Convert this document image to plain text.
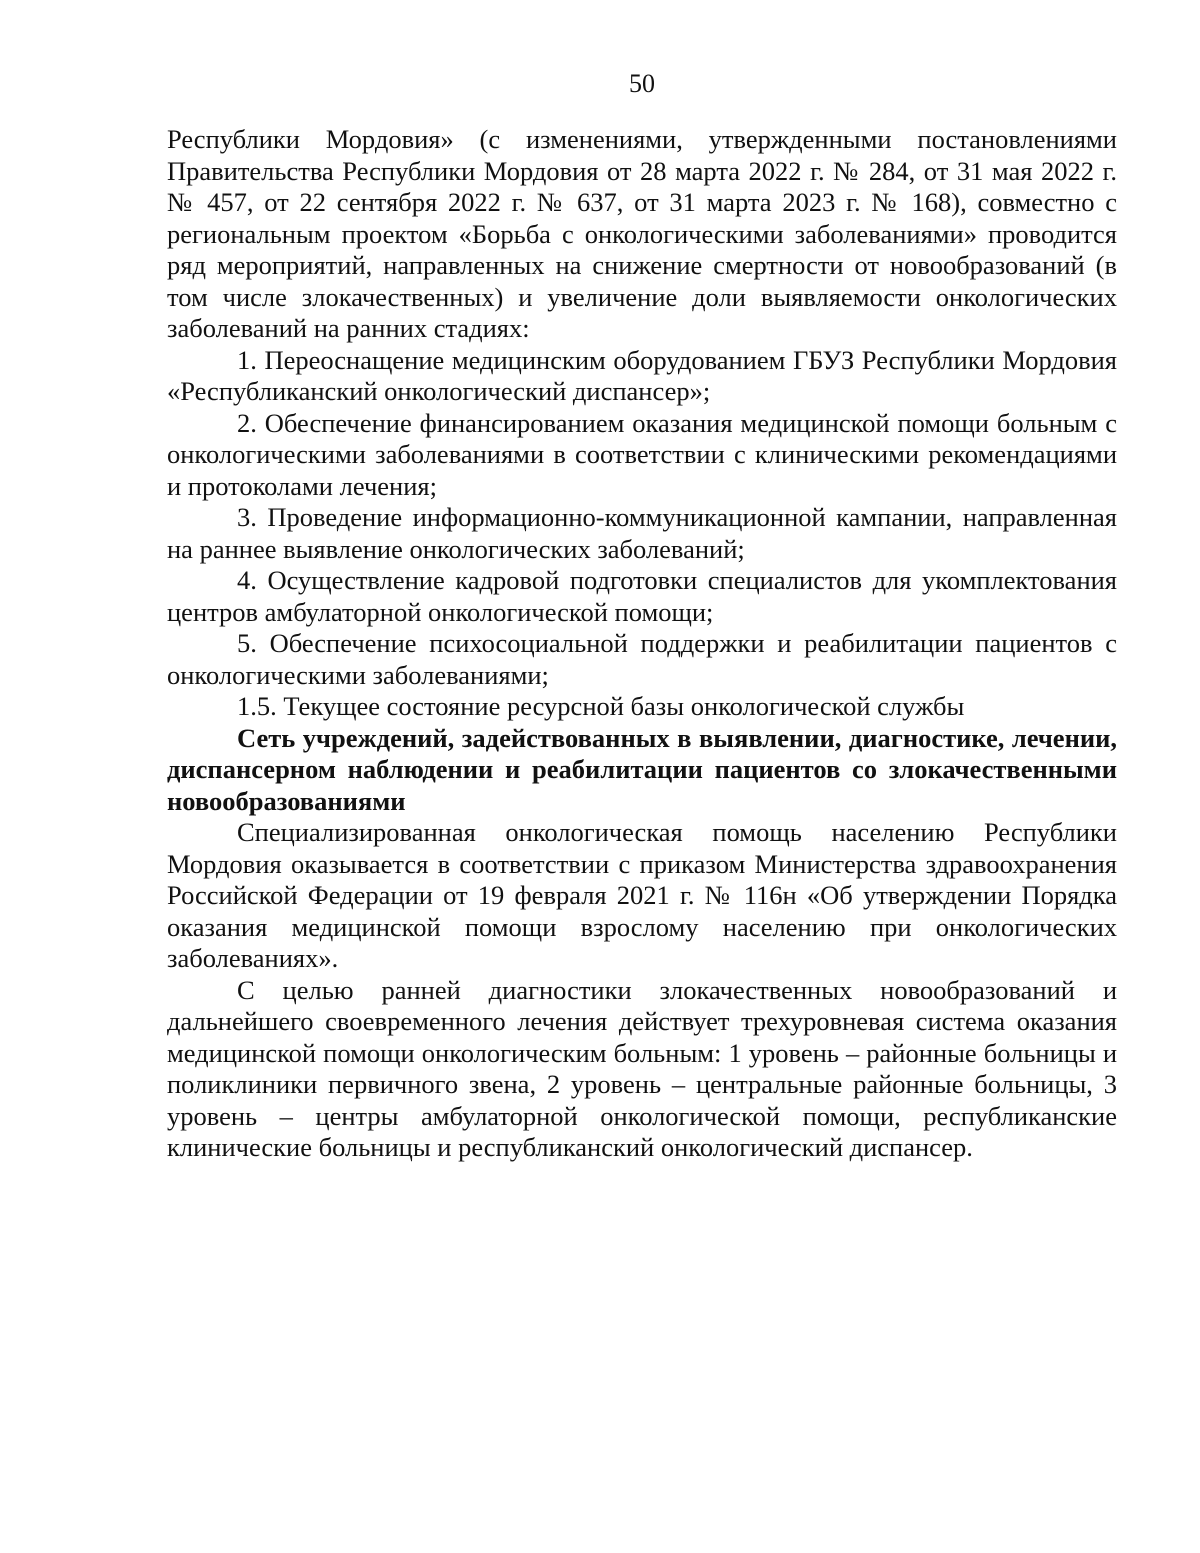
50

Республики Мордовия» (с изменениями, утвержденными постановлениями Правительства Республики Мордовия от 28 марта 2022 г. № 284, от 31 мая 2022 г. № 457, от 22 сентября 2022 г. № 637, от 31 марта 2023 г. № 168), совместно с региональным проектом «Борьба с онкологическими заболеваниями» проводится ряд мероприятий, направленных на снижение смертности от новообразований (в том числе злокачественных) и увеличение доли выявляемости онкологических заболеваний на ранних стадиях:

1. Переоснащение медицинским оборудованием ГБУЗ Республики Мордовия «Республиканский онкологический диспансер»;

2. Обеспечение финансированием оказания медицинской помощи больным с онкологическими заболеваниями в соответствии с клиническими рекомендациями и протоколами лечения;

3. Проведение информационно-коммуникационной кампании, направленная на раннее выявление онкологических заболеваний;

4. Осуществление кадровой подготовки специалистов для укомплектования центров амбулаторной онкологической помощи;

5. Обеспечение психосоциальной поддержки и реабилитации пациентов с онкологическими заболеваниями;

1.5. Текущее состояние ресурсной базы онкологической службы

Сеть учреждений, задействованных в выявлении, диагностике, лечении, диспансерном наблюдении и реабилитации пациентов со злокачественными новообразованиями

Специализированная онкологическая помощь населению Республики Мордовия оказывается в соответствии с приказом Министерства здравоохранения Российской Федерации от 19 февраля 2021 г. № 116н «Об утверждении Порядка оказания медицинской помощи взрослому населению при онкологических заболеваниях».

С целью ранней диагностики злокачественных новообразований и дальнейшего своевременного лечения действует трехуровневая система оказания медицинской помощи онкологическим больным: 1 уровень – районные больницы и поликлиники первичного звена, 2 уровень – центральные районные больницы, 3 уровень – центры амбулаторной онкологической помощи, республиканские клинические больницы и республиканский онкологический диспансер.
